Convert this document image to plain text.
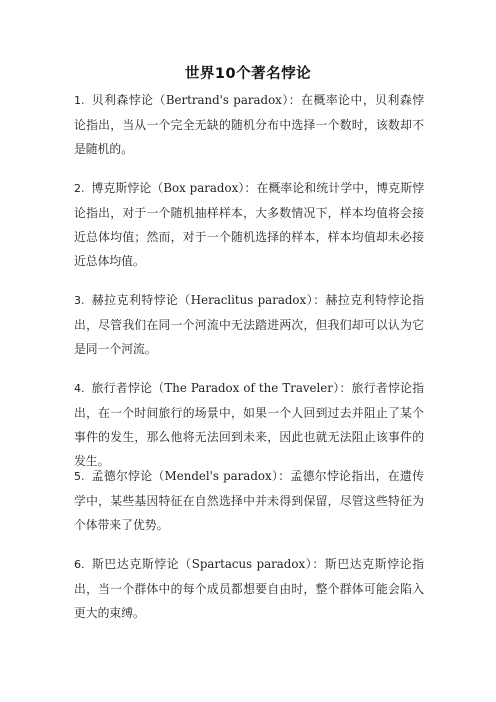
世界10个著名悖论
1. 贝利森悖论（Bertrand's paradox）：在概率论中，贝利森悖论指出，当从一个完全无缺的随机分布中选择一个数时，该数却不是随机的。
2. 博克斯悖论（Box paradox）：在概率论和统计学中，博克斯悖论指出，对于一个随机抽样样本，大多数情况下，样本均值将会接近总体均值；然而，对于一个随机选择的样本，样本均值却未必接近总体均值。
3. 赫拉克利特悖论（Heraclitus paradox）：赫拉克利特悖论指出，尽管我们在同一个河流中无法踏进两次，但我们却可以认为它是同一个河流。
4. 旅行者悖论（The Paradox of the Traveler）：旅行者悖论指出，在一个时间旅行的场景中，如果一个人回到过去并阻止了某个事件的发生，那么他将无法回到未来，因此也就无法阻止该事件的发生。
5. 孟德尔悖论（Mendel's paradox）：孟德尔悖论指出，在遗传学中，某些基因特征在自然选择中并未得到保留，尽管这些特征为个体带来了优势。
6. 斯巴达克斯悖论（Spartacus paradox）：斯巴达克斯悖论指出，当一个群体中的每个成员都想要自由时，整个群体可能会陷入更大的束缚。
